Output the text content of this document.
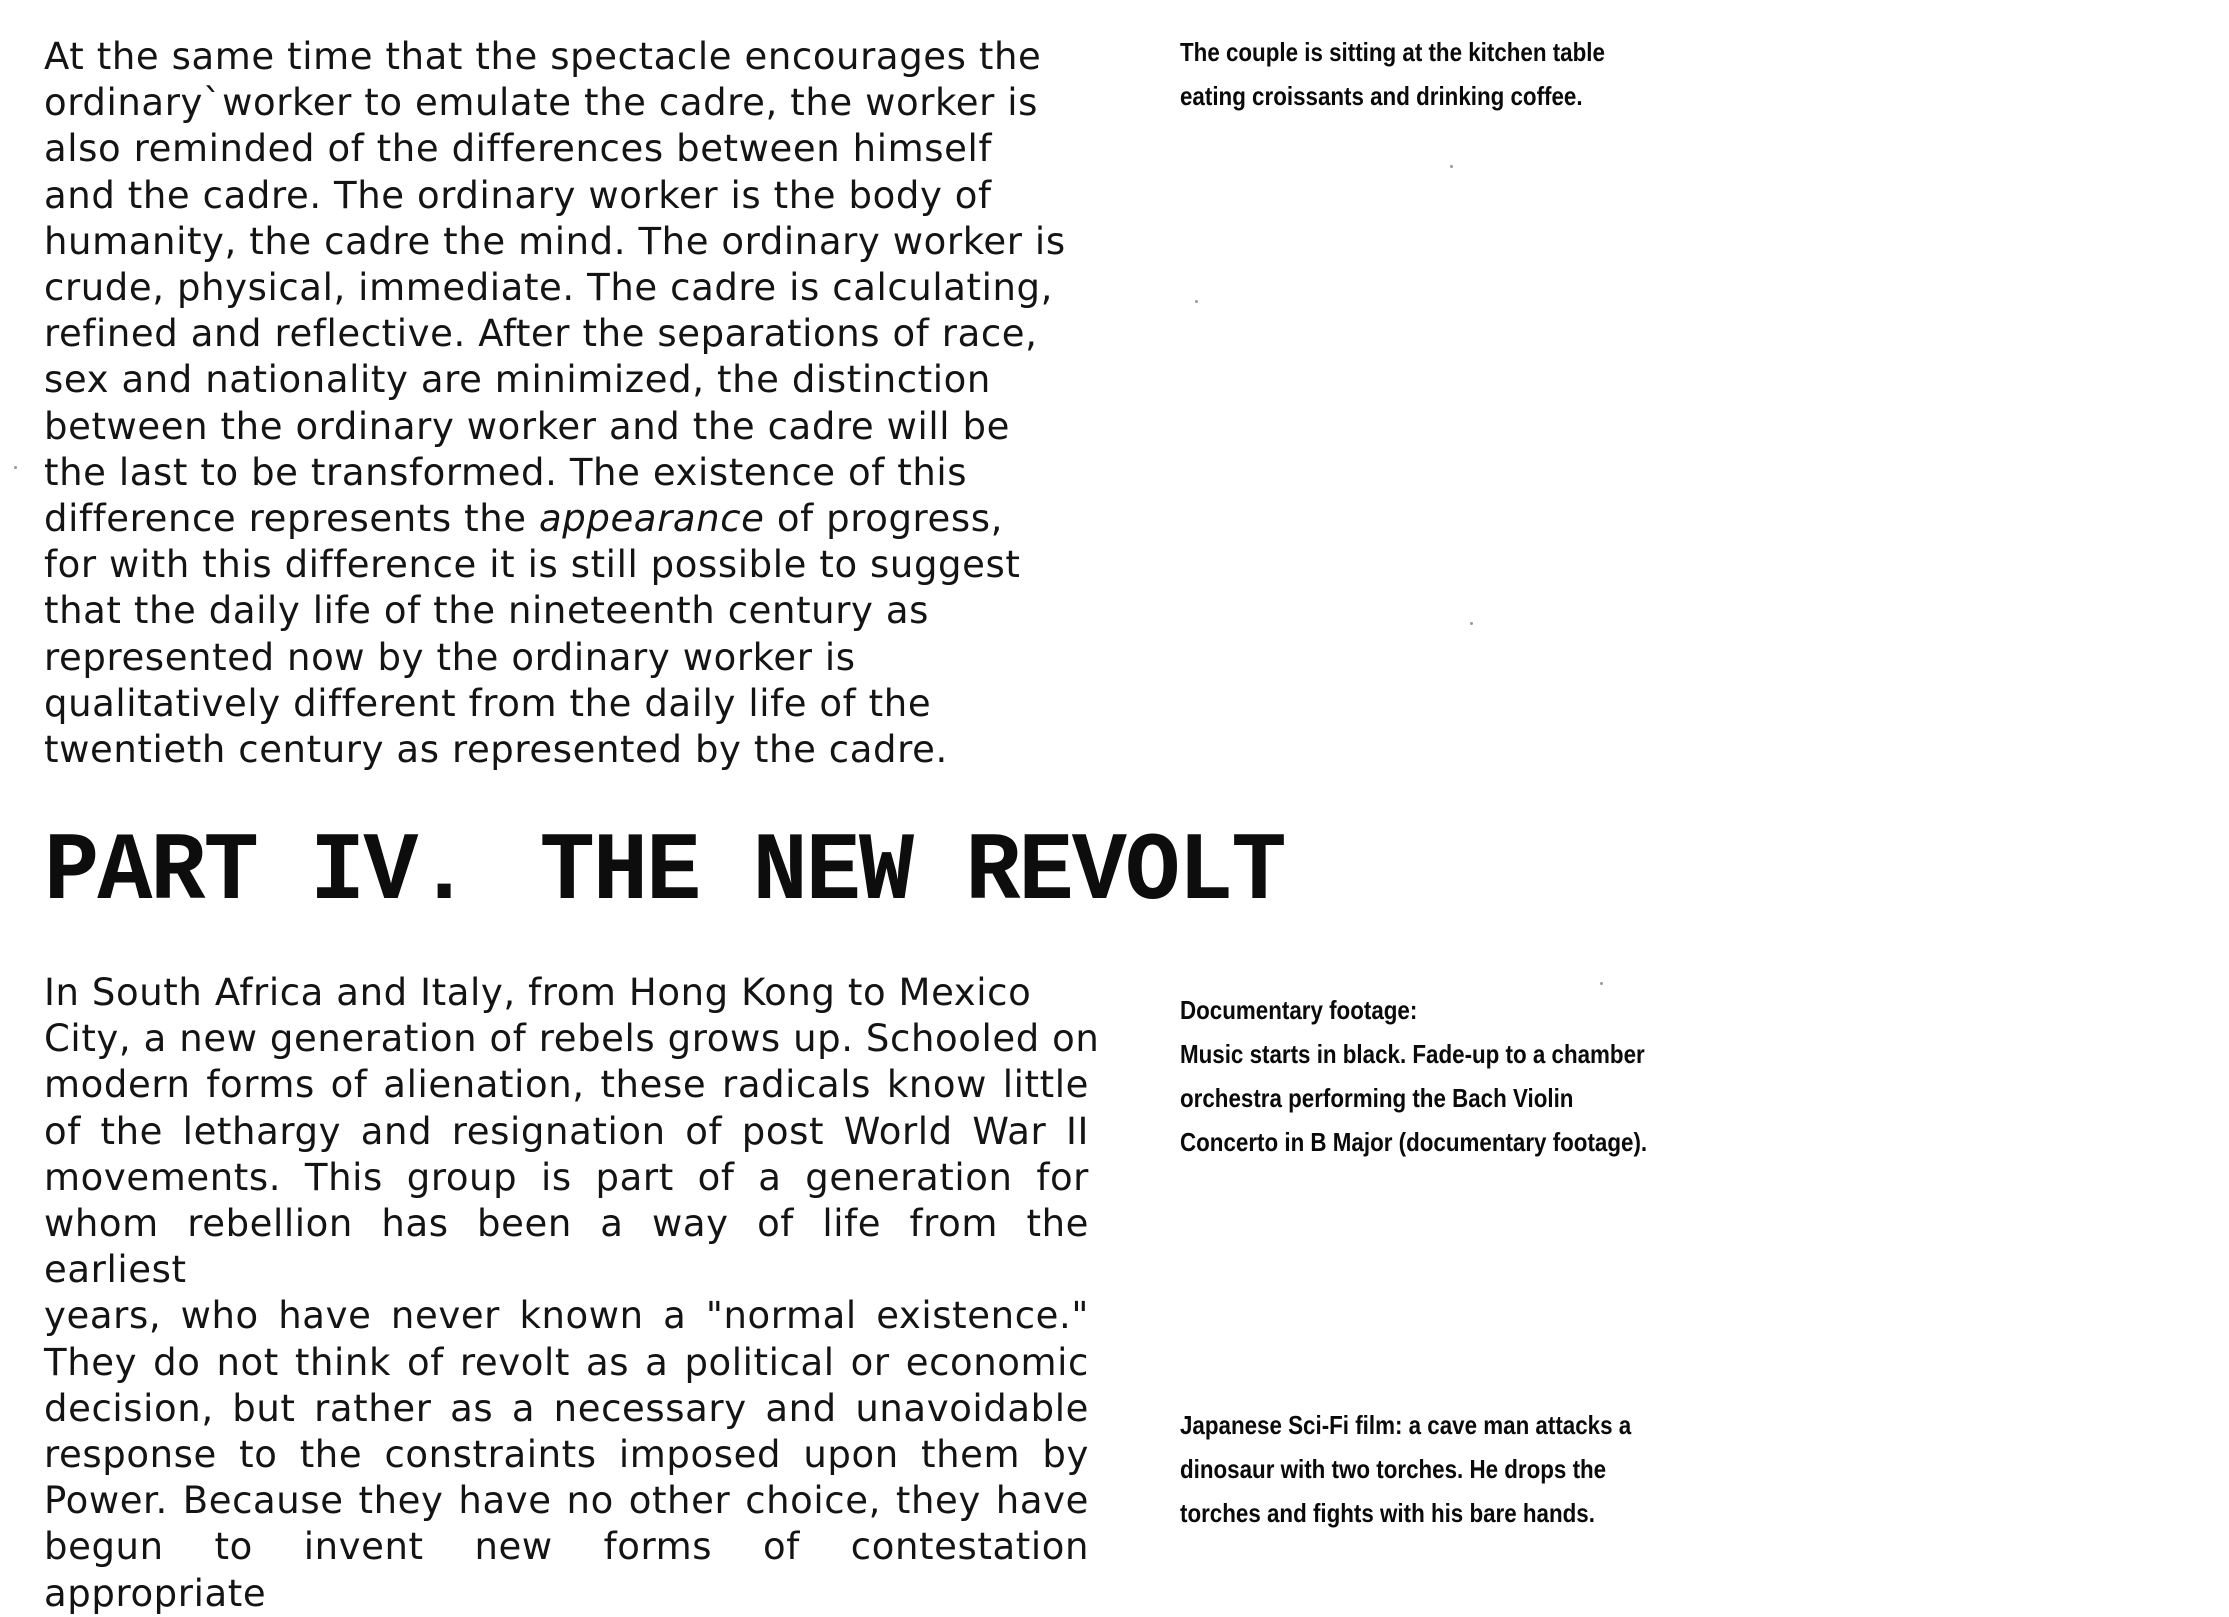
At the same time that the spectacle encourages the
ordinary`worker to emulate the cadre, the worker is
also reminded of the differences between himself
and the cadre. The ordinary worker is the body of
humanity, the cadre the mind. The ordinary worker is
crude, physical, immediate. The cadre is calculating,
refined and reflective. After the separations of race,
sex and nationality are minimized, the distinction
between the ordinary worker and the cadre will be
the last to be transformed. The existence of this
difference represents the appearance of progress,
for with this difference it is still possible to suggest
that the daily life of the nineteenth century as
represented now by the ordinary worker is
qualitatively different from the daily life of the
twentieth century as represented by the cadre.
PART IV. THE NEW REVOLT
In South Africa and Italy, from Hong Kong to Mexico
City, a new generation of rebels grows up. Schooled on
modern forms of alienation, these radicals know little
of the lethargy and resignation of post World War II
movements. This group is part of a generation for
whom rebellion has been a way of life from the earliest
years, who have never known a "normal existence."
They do not think of revolt as a political or economic
decision, but rather as a necessary and unavoidable
response to the constraints imposed upon them by
Power. Because they have no other choice, they have
begun to invent new forms of contestation appropriate
The couple is sitting at the kitchen table
eating croissants and drinking coffee.
Documentary footage:
Music starts in black. Fade-up to a chamber
orchestra performing the Bach Violin
Concerto in B Major (documentary footage).
Japanese Sci-Fi film: a cave man attacks a
dinosaur with two torches. He drops the
torches and fights with his bare hands.
